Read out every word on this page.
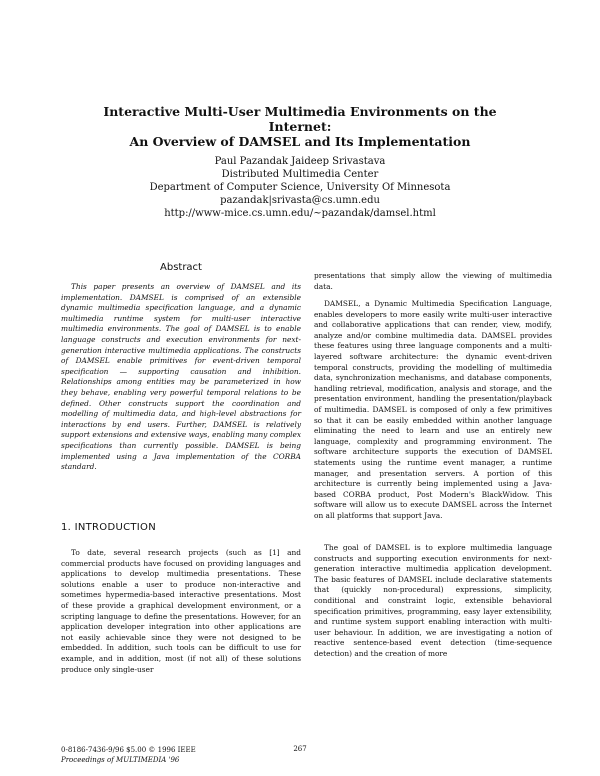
Interactive Multi-User Multimedia Environments on the Internet:
An Overview of DAMSEL and Its Implementation
Paul Pazandak Jaideep Srivastava
Distributed Multimedia Center
Department of Computer Science, University Of Minnesota
pazandak|srivasta@cs.umn.edu
http://www-mice.cs.umn.edu/~pazandak/damsel.html
Abstract

This paper presents an overview of DAMSEL and its implementation. DAMSEL is comprised of an extensible dynamic multimedia specification language, and a dynamic multimedia runtime system for multi-user interactive multimedia environments. The goal of DAMSEL is to enable language constructs and execution environments for next-generation interactive multimedia applications. The constructs of DAMSEL enable primitives for event-driven temporal specification — supporting causation and inhibition. Relationships among entities may be parameterized in how they behave, enabling very powerful temporal relations to be defined. Other constructs support the coordination and modelling of multimedia data, and high-level abstractions for interactions by end users. Further, DAMSEL is relatively support extensions and extensive ways, enabling many complex specifications than currently possible. DAMSEL is being implemented using a Java implementation of the CORBA standard.

1. INTRODUCTION

To date, several research projects (such as [1] and commercial products have focused on providing languages and applications to develop multimedia presentations. These solutions enable a user to produce non-interactive and sometimes hypermedia-based interactive presentations. Most of these provide a graphical development environment, or a scripting language to define the presentations. However, for an application developer integration into other applications are not easily achievable since they were not designed to be embedded. In addition, such tools can be difficult to use for example, and in addition, most (if not all) of these solutions produce only single-user

presentations that simply allow the viewing of multimedia data.

DAMSEL, a Dynamic Multimedia Specification Language, enables developers to more easily write multi-user interactive and collaborative applications that can render, view, modify, analyze and/or combine multimedia data. DAMSEL provides these features using three language components and a multi-layered software architecture: the dynamic event-driven temporal constructs, providing the modelling of multimedia data, synchronization mechanisms, and database components, handling retrieval, modification, analysis and storage, and the presentation environment, handling the presentation/playback of multimedia. DAMSEL is composed of only a few primitives so that it can be easily embedded within another language eliminating the need to learn and use an entirely new language, complexity and programming environment. The software architecture supports the execution of DAMSEL statements using the runtime event manager, a runtime manager, and presentation servers. A portion of this architecture is currently being implemented using a Java-based CORBA product, Post Modern's BlackWidow. This software will allow us to execute DAMSEL across the Internet on all platforms that support Java.

The goal of DAMSEL is to explore multimedia language constructs and supporting execution environments for next-generation interactive multimedia application development. The basic features of DAMSEL include declarative statements that (quickly non-procedural) expressions, simplicity, conditional and constraint logic, extensible behavioral specification primitives, programming, easy layer extensibility, and runtime system support enabling interaction with multi-user behaviour. In addition, we are investigating a notion of reactive sentence-based event detection (time-sequence detection) and the creation of more

0-8186-7436-9/96 $5.00 © 1996 IEEE
Proceedings of MULTIMEDIA '96
267
